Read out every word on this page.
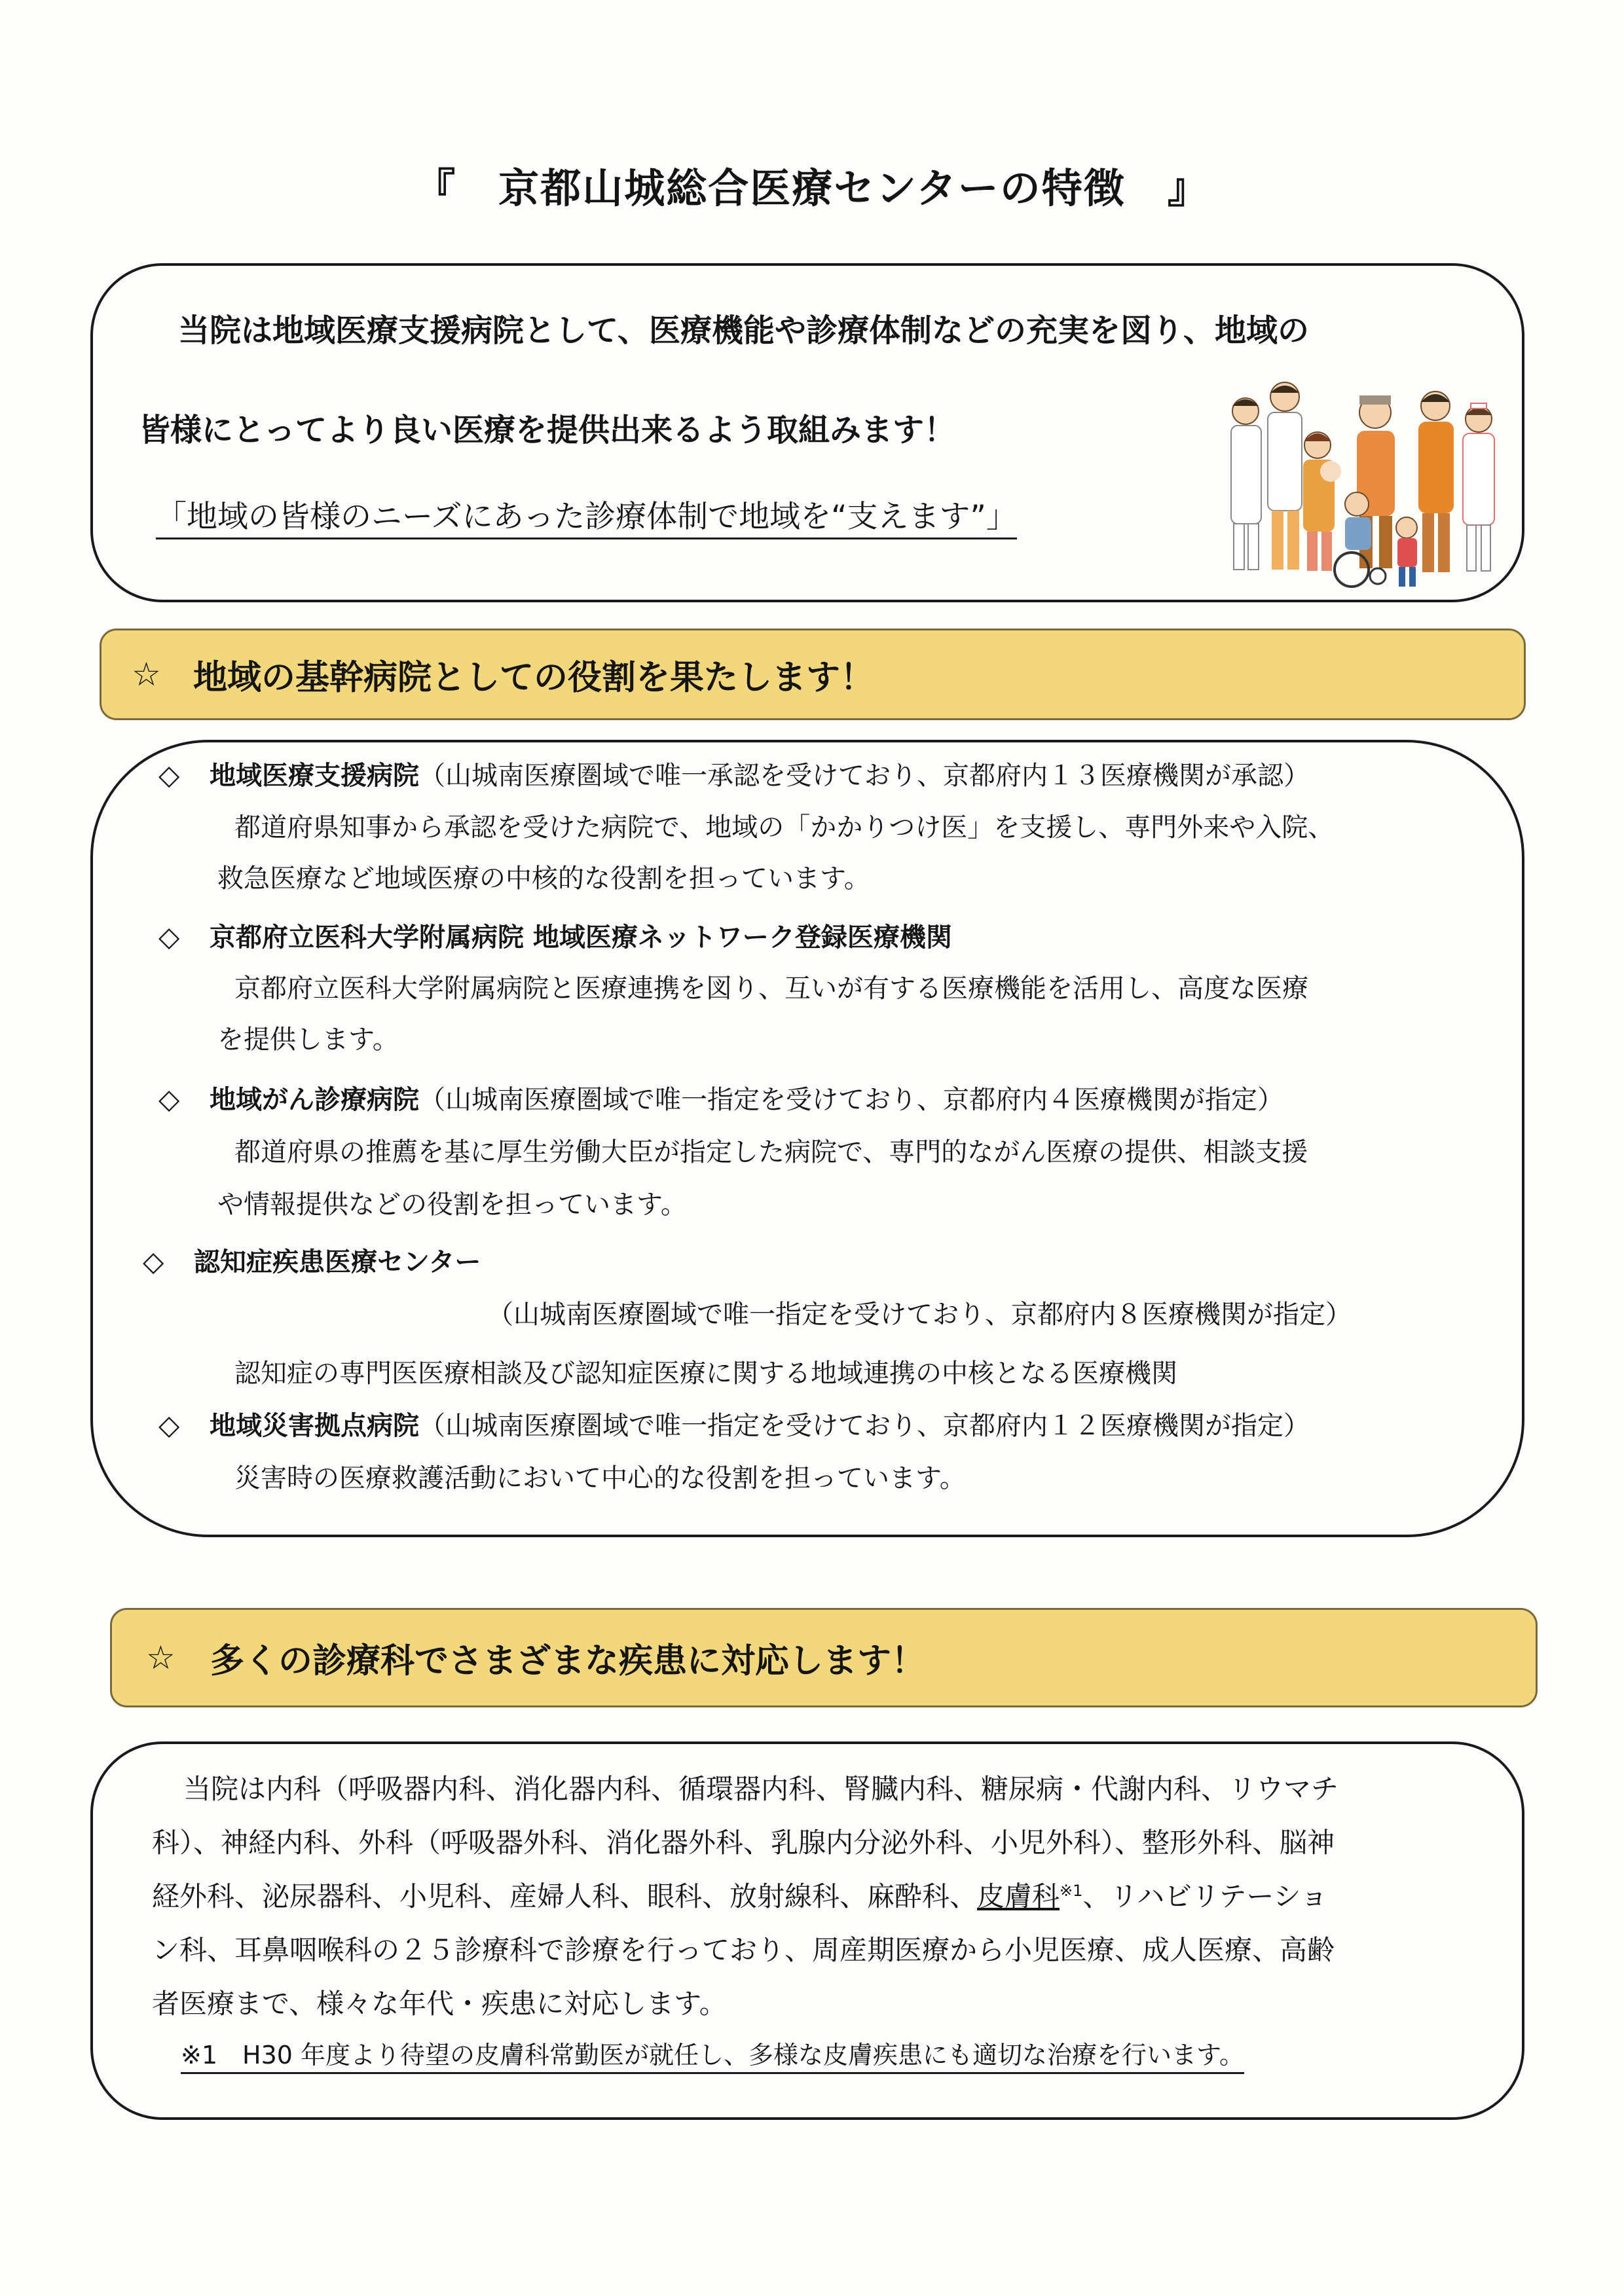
『　京都山城総合医療センターの特徴　』
当院は地域医療支援病院として、医療機能や診療体制などの充実を図り、地域の
皆様にとってより良い医療を提供出来るよう取組みます！
「地域の皆様のニーズにあった診療体制で地域を“支えます”」
☆ 地域の基幹病院としての役割を果たします！
◇ 地域医療支援病院（山城南医療圏域で唯一承認を受けており、京都府内１３医療機関が承認）
都道府県知事から承認を受けた病院で、地域の「かかりつけ医」を支援し、専門外来や入院、
救急医療など地域医療の中核的な役割を担っています。
◇ 京都府立医科大学附属病院 地域医療ネットワーク登録医療機関
京都府立医科大学附属病院と医療連携を図り、互いが有する医療機能を活用し、高度な医療
を提供します。
◇ 地域がん診療病院（山城南医療圏域で唯一指定を受けており、京都府内４医療機関が指定）
都道府県の推薦を基に厚生労働大臣が指定した病院で、専門的ながん医療の提供、相談支援
や情報提供などの役割を担っています。
◇ 認知症疾患医療センター
（山城南医療圏域で唯一指定を受けており、京都府内８医療機関が指定）
認知症の専門医医療相談及び認知症医療に関する地域連携の中核となる医療機関
◇ 地域災害拠点病院（山城南医療圏域で唯一指定を受けており、京都府内１２医療機関が指定）
災害時の医療救護活動において中心的な役割を担っています。
☆ 多くの診療科でさまざまな疾患に対応します！
当院は内科（呼吸器内科、消化器内科、循環器内科、腎臓内科、糖尿病・代謝内科、リウマチ
科）、神経内科、外科（呼吸器外科、消化器外科、乳腺内分泌外科、小児外科）、整形外科、脳神
経外科、泌尿器科、小児科、産婦人科、眼科、放射線科、麻酔科、皮膚科$^{※1}$、リハビリテーショ
ン科、耳鼻咽喉科の２５診療科で診療を行っており、周産期医療から小児医療、成人医療、高齢
者医療まで、様々な年代・疾患に対応します。
※1　H30 年度より待望の皮膚科常勤医が就任し、多様な皮膚疾患にも適切な治療を行います。
